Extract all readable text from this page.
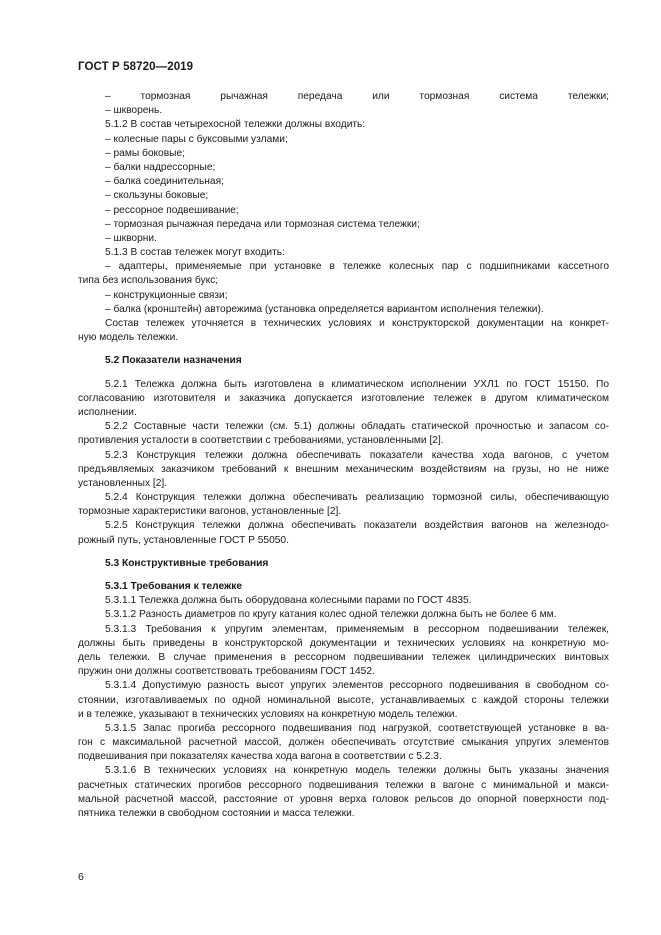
ГОСТ Р 58720—2019
– тормозная рычажная передача или тормозная система тележки;
– шкворень.
5.1.2 В состав четырехосной тележки должны входить:
– колесные пары с буксовыми узлами;
– рамы боковые;
– балки надрессорные;
– балка соединительная;
– скользуны боковые;
– рессорное подвешивание;
– тормозная рычажная передача или тормозная система тележки;
– шкворни.
5.1.3 В состав тележек могут входить:
– адаптеры, применяемые при установке в тележке колесных пар с подшипниками кассетного
типа без использования букс;
– конструкционные связи;
– балка (кронштейн) авторежима (установка определяется вариантом исполнения тележки).
Состав тележек уточняется в технических условиях и конструкторской документации на конкрет-
ную модель тележки.
5.2 Показатели назначения
5.2.1 Тележка должна быть изготовлена в климатическом исполнении УХЛ1 по ГОСТ 15150. По
согласованию изготовителя и заказчика допускается изготовление тележек в другом климатическом
исполнении.
5.2.2 Составные части тележки (см. 5.1) должны обладать статической прочностью и запасом со-
противления усталости в соответствии с требованиями, установленными [2].
5.2.3 Конструкция тележки должна обеспечивать показатели качества хода вагонов, с учетом
предъявляемых заказчиком требований к внешним механическим воздействиям на грузы, но не ниже
установленных [2].
5.2.4 Конструкция тележки должна обеспечивать реализацию тормозной силы, обеспечивающую
тормозные характеристики вагонов, установленные [2].
5.2.5 Конструкция тележки должна обеспечивать показатели воздействия вагонов на железнодо-
рожный путь, установленные ГОСТ Р 55050.
5.3 Конструктивные требования
5.3.1 Требования к тележке
5.3.1.1 Тележка должна быть оборудована колесными парами по ГОСТ 4835.
5.3.1.2 Разность диаметров по кругу катания колес одной тележки должна быть не более 6 мм.
5.3.1.3 Требования к упругим элементам, применяемым в рессорном подвешивании тележек,
должны быть приведены в конструкторской документации и технических условиях на конкретную мо-
дель тележки. В случае применения в рессорном подвешивании тележек цилиндрических винтовых
пружин они должны соответствовать требованиям ГОСТ 1452.
5.3.1.4 Допустимую разность высот упругих элементов рессорного подвешивания в свободном со-
стоянии, изготавливаемых по одной номинальной высоте, устанавливаемых с каждой стороны тележки
и в тележке, указывают в технических условиях на конкретную модель тележки.
5.3.1.5 Запас прогиба рессорного подвешивания под нагрузкой, соответствующей установке в ва-
гон с максимальной расчетной массой, должен обеспечивать отсутствие смыкания упругих элементов
подвешивания при показателях качества хода вагона в соответствии с 5.2.3.
5.3.1.6 В технических условиях на конкретную модель тележки должны быть указаны значения
расчетных статических прогибов рессорного подвешивания тележки в вагоне с минимальной и макси-
мальной расчетной массой, расстояние от уровня верха головок рельсов до опорной поверхности под-
пятника тележки в свободном состоянии и масса тележки.
6
